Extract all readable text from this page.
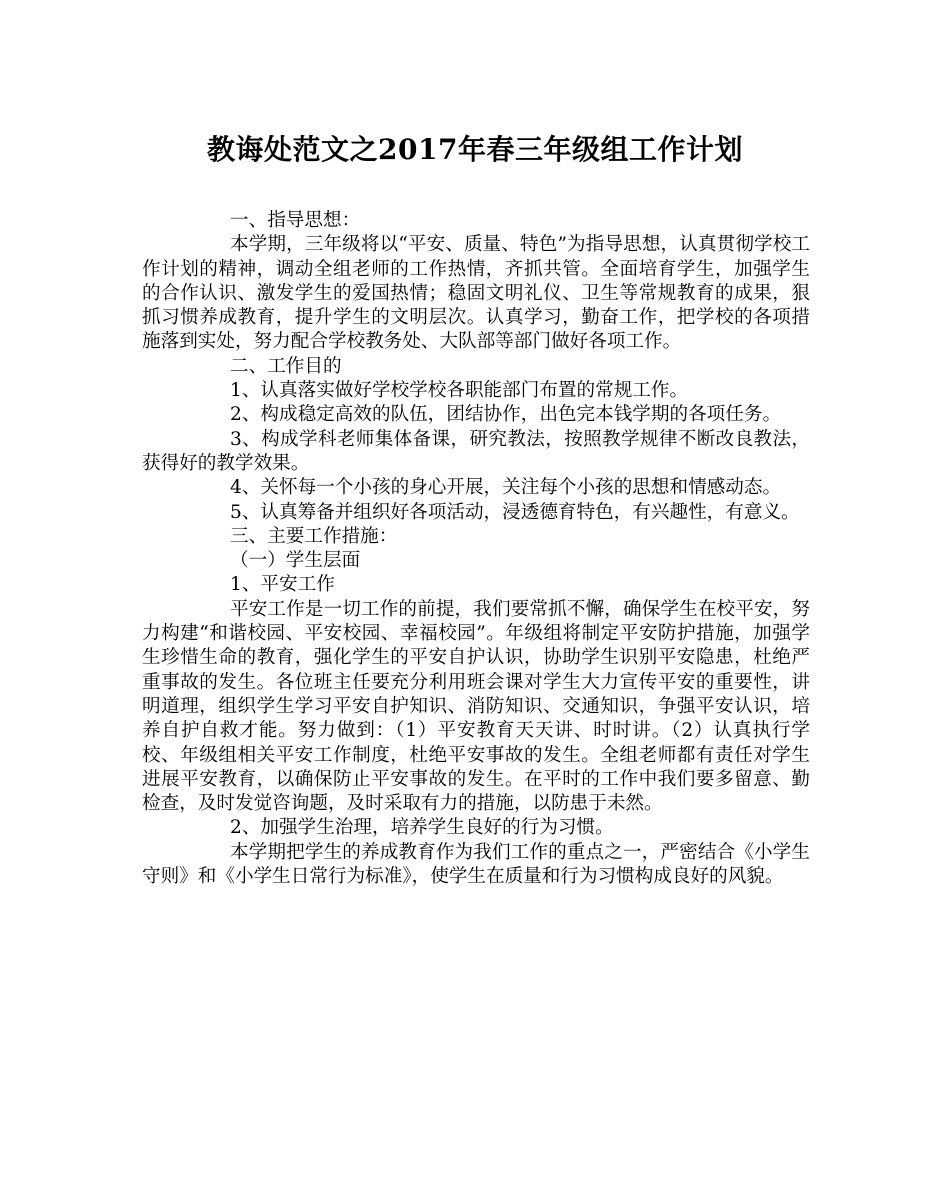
教诲处范文之2017年春三年级组工作计划

一、指导思想：

本学期，三年级将以“平安、质量、特色”为指导思想，认真贯彻学校工作计划的精神，调动全组老师的工作热情，齐抓共管。全面培育学生，加强学生的合作认识、激发学生的爱国热情；稳固文明礼仪、卫生等常规教育的成果，狠抓习惯养成教育，提升学生的文明层次。认真学习，勤奋工作，把学校的各项措施落到实处，努力配合学校教务处、大队部等部门做好各项工作。

二、工作目的

1、认真落实做好学校学校各职能部门布置的常规工作。

2、构成稳定高效的队伍，团结协作，出色完本钱学期的各项任务。

3、构成学科老师集体备课，研究教法，按照教学规律不断改良教法，获得好的教学效果。

4、关怀每一个小孩的身心开展，关注每个小孩的思想和情感动态。

5、认真筹备并组织好各项活动，浸透德育特色，有兴趣性，有意义。

三、主要工作措施：

（一）学生层面

1、平安工作

平安工作是一切工作的前提，我们要常抓不懈，确保学生在校平安，努力构建“和谐校园、平安校园、幸福校园”。年级组将制定平安防护措施，加强学生珍惜生命的教育，强化学生的平安自护认识，协助学生识别平安隐患，杜绝严重事故的发生。各位班主任要充分利用班会课对学生大力宣传平安的重要性，讲明道理，组织学生学习平安自护知识、消防知识、交通知识，争强平安认识，培养自护自救才能。努力做到：（1）平安教育天天讲、时时讲。（2）认真执行学校、年级组相关平安工作制度，杜绝平安事故的发生。全组老师都有责任对学生进展平安教育，以确保防止平安事故的发生。在平时的工作中我们要多留意、勤检查，及时发觉咨询题，及时采取有力的措施，以防患于未然。

2、加强学生治理，培养学生良好的行为习惯。

本学期把学生的养成教育作为我们工作的重点之一，严密结合《小学生守则》和《小学生日常行为标准》，使学生在质量和行为习惯构成良好的风貌。
